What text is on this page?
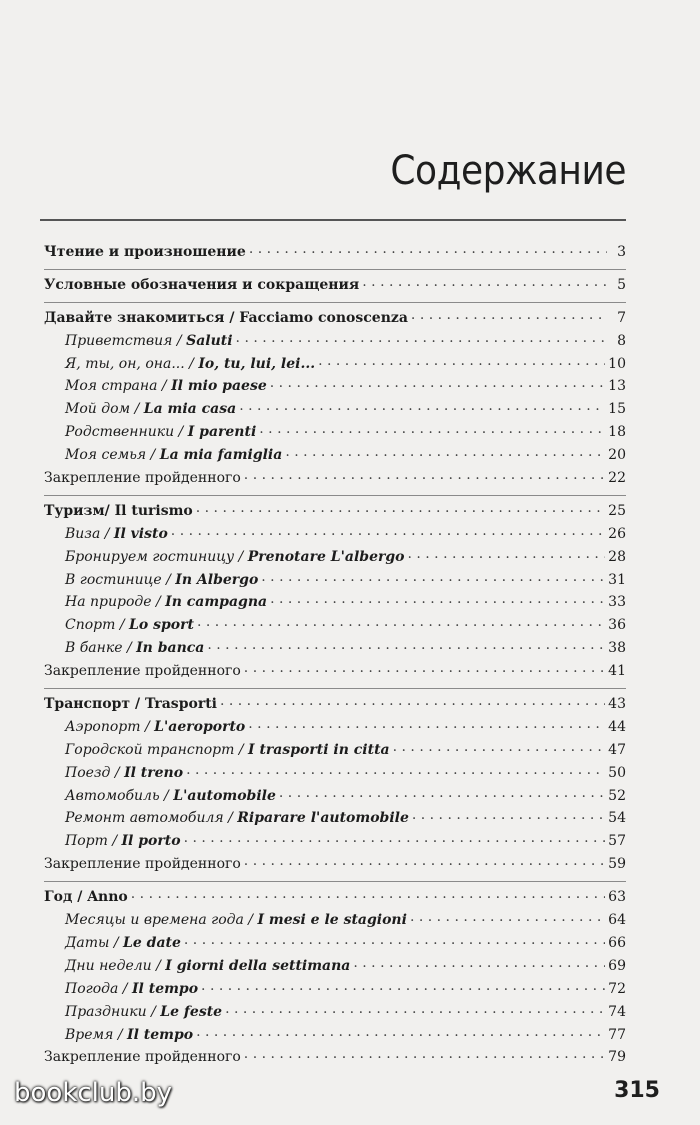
Содержание
Чтение и произношение . . .	3
Условные обозначения и сокращения . . .	5
Давайте знакомиться / Facciamo conoscenza . . .	7
Приветствия / Saluti . . .	8
Я, ты, он, она... / Io, tu, lui, lei... . . .	10
Моя страна / Il mio paese . . .	13
Мой дом / La mia casa . . .	15
Родственники / I parenti . . .	18
Моя семья / La mia famiglia . . .	20
Закрепление пройденного . . .	22
Туризм/ Il turismo . . .	25
Виза / Il visto . . .	26
Бронируем гостиницу / Prenotare L'albergo . . .	28
В гостинице / In Albergo . . .	31
На природе / In campagna . . .	33
Спорт / Lo sport . . .	36
В банке / In banca . . .	38
Закрепление пройденного . . .	41
Транспорт / Trasporti . . .	43
Аэропорт / L'aeroporto . . .	44
Городской транспорт / I trasporti in citta . . .	47
Поезд / Il treno . . .	50
Автомобиль / L'automobile . . .	52
Ремонт автомобиля / Riparare l'automobile . . .	54
Порт / Il porto . . .	57
Закрепление пройденного . . .	59
Год / Anno . . .	63
Месяцы и времена года / I mesi e le stagioni . . .	64
Даты / Le date . . .	66
Дни недели / I giorni della settimana . . .	69
Погода / Il tempo . . .	72
Праздники / Le feste . . .	74
Время / Il tempo . . .	77
Закрепление пройденного . . .	79
bookclub.by	315
